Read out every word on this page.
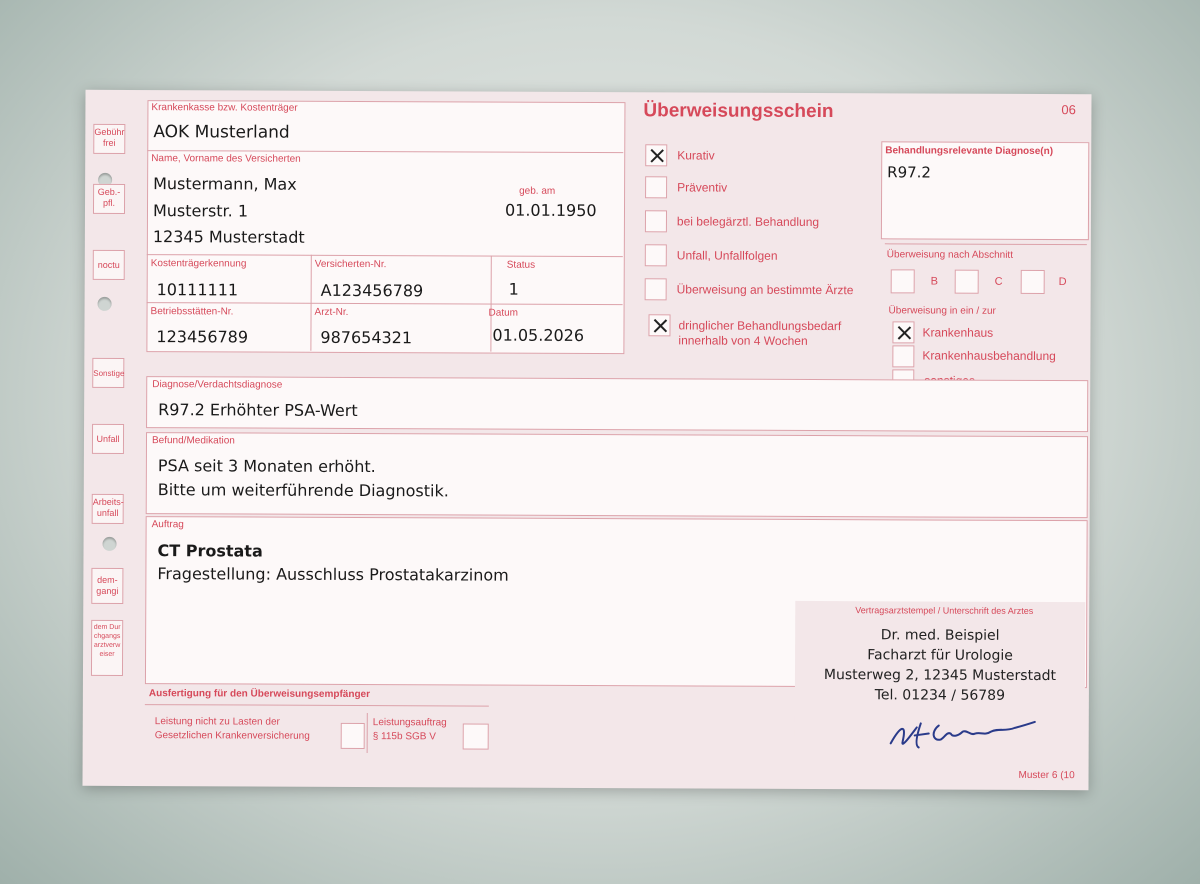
Gebühr frei
Geb.- pfl.
noctu
Sonstige
Unfall
Arbeits- unfall
dem- gangi
dem Durchgangsarztverweiser
Krankenkasse bzw. Kostenträger
AOK Musterland
Name, Vorname des Versicherten
Mustermann, Max
Musterstr. 1
12345 Musterstadt
geb. am
01.01.1950
Kostenträgerkennung
10111111
Versicherten-Nr.
A123456789
Status
1
Betriebsstätten-Nr.
123456789
Arzt-Nr.
987654321
Datum
01.05.2026
Überweisungsschein	06
Kurativ
Präventiv
bei belegärztl. Behandlung
Unfall, Unfallfolgen
Überweisung an bestimmte Ärzte
dringlicher Behandlungsbedarf
innerhalb von 4 Wochen
Behandlungsrelevante Diagnose(n)
R97.2
Überweisung nach Abschnitt
B	C	D
Überweisung in ein / zur
Krankenhaus
Krankenhausbehandlung
Diagnose/Verdachtsdiagnose
R97.2 Erhöhter PSA-Wert
Befund/Medikation
PSA seit 3 Monaten erhöht.
Bitte um weiterführende Diagnostik.
Auftrag
CT Prostata
Fragestellung: Ausschluss Prostatakarzinom
Vertragsarztstempel / Unterschrift des Arztes
Dr. med. Beispiel
Facharzt für Urologie
Musterweg 2, 12345 Musterstadt
Tel. 01234 / 56789
Ausfertigung für den Überweisungsempfänger
Leistung nicht zu Lasten der
Gesetzlichen Krankenversicherung
Leistungsauftrag
§ 115b SGB V
Muster 6 (10
